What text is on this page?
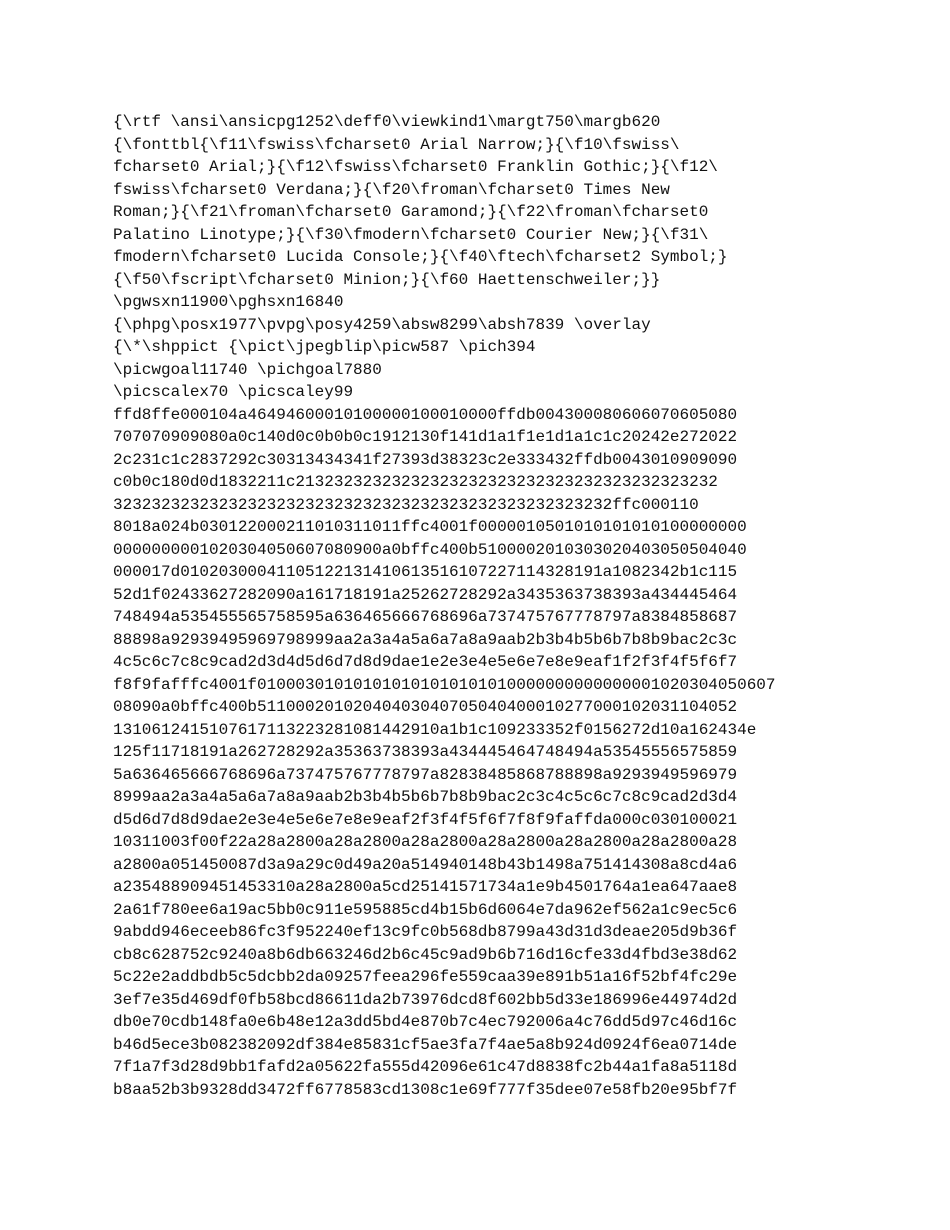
{\rtf \ansi\ansicpg1252\deff0\viewkind1\margt750\margb620
{\fonttbl{\f11\fswiss\fcharset0 Arial Narrow;}{\f10\fswiss\
fcharset0 Arial;}{\f12\fswiss\fcharset0 Franklin Gothic;}{\f12\
fswiss\fcharset0 Verdana;}{\f20\froman\fcharset0 Times New
Roman;}{\f21\froman\fcharset0 Garamond;}{\f22\froman\fcharset0
Palatino Linotype;}{\f30\fmodern\fcharset0 Courier New;}{\f31\
fmodern\fcharset0 Lucida Console;}{\f40\ftech\fcharset2 Symbol;}
{\f50\fscript\fcharset0 Minion;}{\f60 Haettenschweiler;}}
\pgwsxn11900\pghsxn16840
{\phpg\posx1977\pvpg\posy4259\absw8299\absh7839 \overlay
{\*\shppict {\pict\jpegblip\picw587 \pich394
\picwgoal11740 \pichgoal7880
\picscalex70 \picscaley99
ffd8ffe000104a46494600010100000100010000ffdb004300080606070605080
707070909080a0c140d0c0b0b0c1912130f141d1a1f1e1d1a1c1c20242e272022
2c231c1c2837292c30313434341f27393d38323c2e333432ffdb0043010909090
c0b0c180d0d1832211c21323232323232323232323232323232323232323232
3232323232323232323232323232323232323232323232323232ffc000110
8018a024b030122000211010311011ffc4001f0000010501010101010100000000
0000000001020304050607080900a0bffc400b5100002010303020403050504040
000017d01020300041105122131410613516107227114328191a1082342b1c115
52d1f02433627282090a161718191a25262728292a3435363738393a434445464
748494a535455565758595a636465666768696a737475767778797a8384858687
88898a92939495969798999aa2a3a4a5a6a7a8a9aab2b3b4b5b6b7b8b9bac2c3c
4c5c6c7c8c9cad2d3d4d5d6d7d8d9dae1e2e3e4e5e6e7e8e9eaf1f2f3f4f5f6f7
f8f9fafffc4001f010003010101010101010101010000000000000001020304050607
08090a0bffc400b51100020102040403040705040400010277000102031104052
1310612415107617113223281081442910a1b1c109233352f0156272d10a162434e
125f11718191a262728292a35363738393a434445464748494a53545556575859
5a636465666768696a737475767778797a82838485868788898a9293949596979
8999aa2a3a4a5a6a7a8a9aab2b3b4b5b6b7b8b9bac2c3c4c5c6c7c8c9cad2d3d4
d5d6d7d8d9dae2e3e4e5e6e7e8e9eaf2f3f4f5f6f7f8f9faffda000c030100021
10311003f00f22a28a2800a28a2800a28a2800a28a2800a28a2800a28a2800a28
a2800a051450087d3a9a29c0d49a20a514940148b43b1498a751414308a8cd4a6
a235488909451453310a28a2800a5cd25141571734a1e9b4501764a1ea647aae8
2a61f780ee6a19ac5bb0c911e595885cd4b15b6d6064e7da962ef562a1c9ec5c6
9abdd946eceeb86fc3f952240ef13c9fc0b568db8799a43d31d3deae205d9b36f
cb8c628752c9240a8b6db663246d2b6c45c9ad9b6b716d16cfe33d4fbd3e38d62
5c22e2addbdb5c5dcbb2da09257feea296fe559caa39e891b51a16f52bf4fc29e
3ef7e35d469df0fb58bcd86611da2b73976dcd8f602bb5d33e186996e44974d2d
db0e70cdb148fa0e6b48e12a3dd5bd4e870b7c4ec792006a4c76dd5d97c46d16c
b46d5ece3b082382092df384e85831cf5ae3fa7f4ae5a8b924d0924f6ea0714de
7f1a7f3d28d9bb1fafd2a05622fa555d42096e61c47d8838fc2b44a1fa8a5118d
b8aa52b3b9328dd3472ff6778583cd1308c1e69f777f35dee07e58fb20e95bf7f
